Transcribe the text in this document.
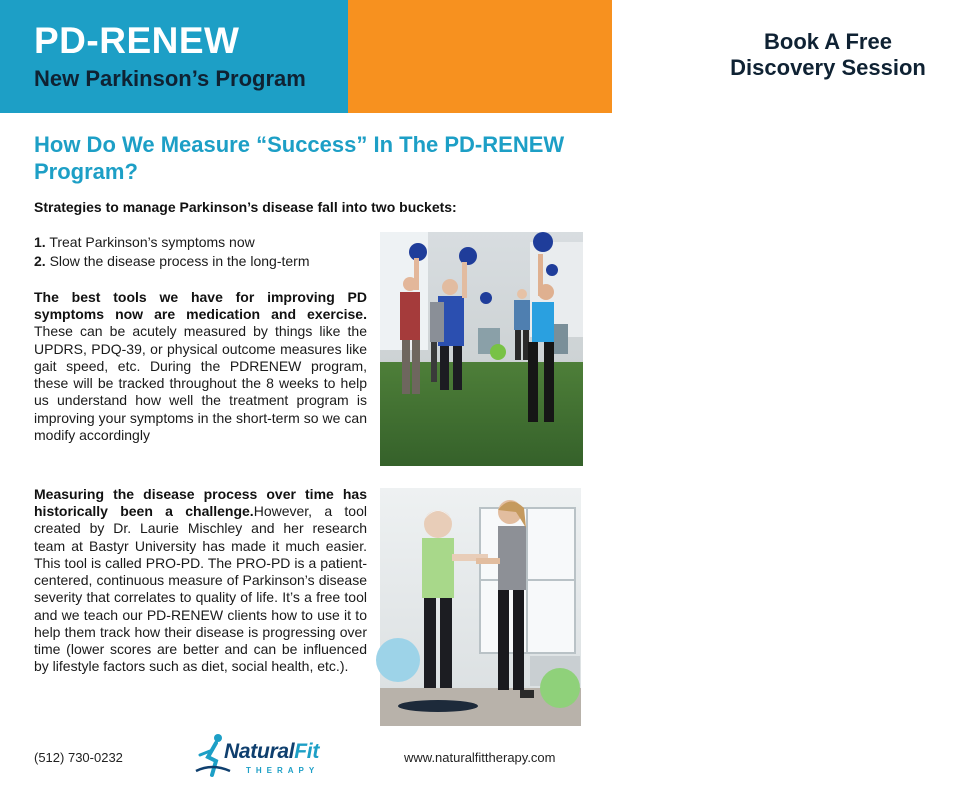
PD-RENEW
New Parkinson’s Program
Book A Free
Discovery Session
How Do We Measure “Success” In The PD-RENEW Program?
Strategies to manage Parkinson’s disease fall into two buckets:
1. Treat Parkinson’s symptoms now
2. Slow the disease process in the long-term

The best tools we have for improving PD symptoms now are medication and exercise. These can be acutely measured by things like the UPDRS, PDQ-39, or physical outcome measures like gait speed, etc. During the PDRENEW program, these will be tracked throughout the 8 weeks to help us understand how well the treatment program is improving your symptoms in the short-term so we can modify accordingly

Measuring the disease process over time has historically been a challenge.However, a tool created by Dr. Laurie Mischley and her research team at Bastyr University has made it much easier. This tool is called PRO-PD. The PRO-PD is a patient-centered, continuous measure of Parkinson’s disease severity that correlates to quality of life. It’s a free tool and we teach our PD-RENEW clients how to use it to help them track how their disease is progressing over time (lower scores are better and can be influenced by lifestyle factors such as diet, social health, etc.).

(512) 730-0232	NaturalFit
THERAPY
www.naturalfittherapy.com
